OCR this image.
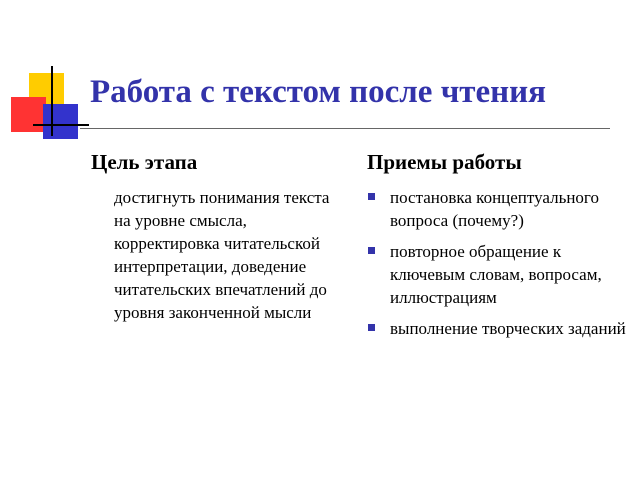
Работа с текстом после чтения
Цель этапа

достигнуть понимания текста на уровне смысла, корректировка читательской интерпретации, доведение читательских впечатлений до уровня законченной мысли

Приемы работы
постановка концептуального вопроса (почему?)
повторное обращение к ключевым словам, вопросам, иллюстрациям
выполнение творческих заданий
